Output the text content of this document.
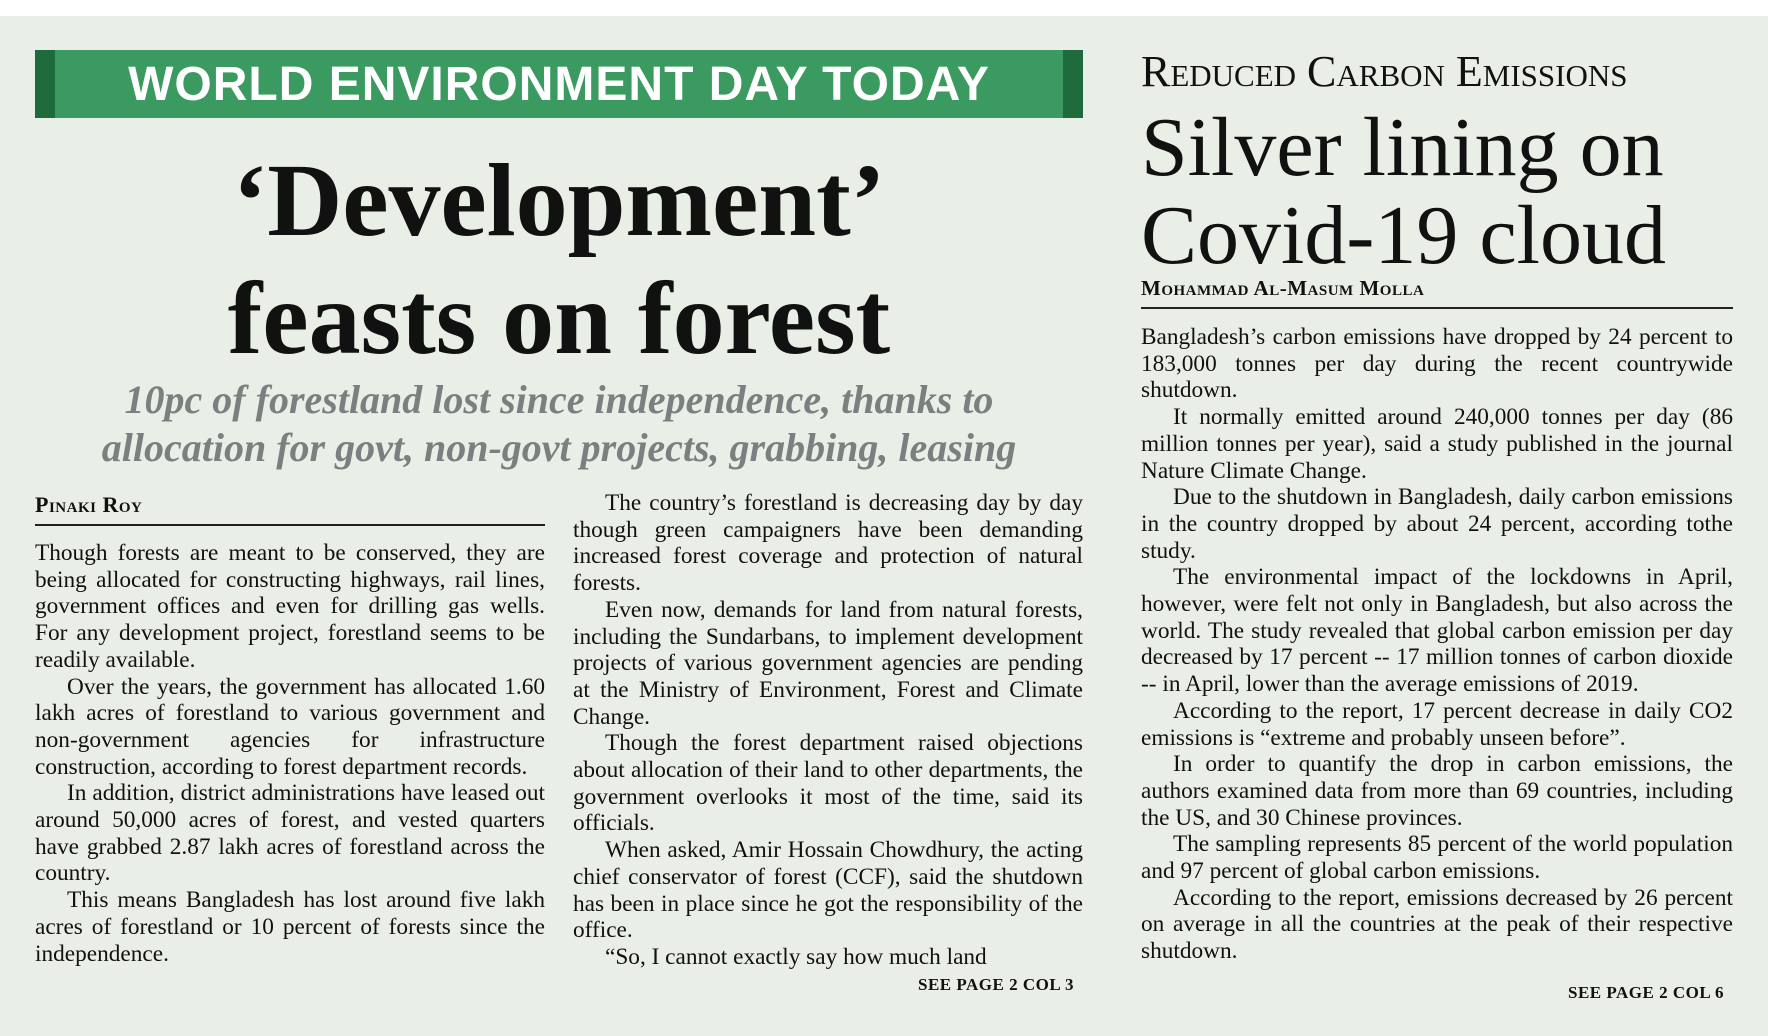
WORLD ENVIRONMENT DAY TODAY
‘Development’
feasts on forest
10pc of forestland lost since independence, thanks to
allocation for govt, non-govt projects, grabbing, leasing
Pinaki Roy

Though forests are meant to be conserved, they are being allocated for constructing highways, rail lines, government offices and even for drilling gas wells. For any development project, forestland seems to be readily available.

Over the years, the government has allocated 1.60 lakh acres of forestland to various government and non-government agencies for infrastructure construction, according to forest department records.

In addition, district administrations have leased out around 50,000 acres of forest, and vested quarters have grabbed 2.87 lakh acres of forestland across the country.

This means Bangladesh has lost around five lakh acres of forestland or 10 percent of forests since the independence.

The country’s forestland is decreasing day by day though green campaigners have been demanding increased forest coverage and protection of natural forests.

Even now, demands for land from natural forests, including the Sundarbans, to implement development projects of various government agencies are pending at the Ministry of Environment, Forest and Climate Change.

Though the forest department raised objections about allocation of their land to other departments, the government overlooks it most of the time, said its officials.

When asked, Amir Hossain Chowdhury, the acting chief conservator of forest (CCF), said the shutdown has been in place since he got the responsibility of the office.

“So, I cannot exactly say how much land

SEE PAGE 2 COL 3
Reduced Carbon Emissions
Silver lining on
Covid-19 cloud
Mohammad Al-Masum Molla

Bangladesh’s carbon emissions have dropped by 24 percent to 183,000 tonnes per day during the recent countrywide shutdown.

It normally emitted around 240,000 tonnes per day (86 million tonnes per year), said a study published in the journal Nature Climate Change.

Due to the shutdown in Bangladesh, daily carbon emissions in the country dropped by about 24 percent, according tothe study.

The environmental impact of the lockdowns in April, however, were felt not only in Bangladesh, but also across the world. The study revealed that global carbon emission per day decreased by 17 percent -- 17 million tonnes of carbon dioxide -- in April, lower than the average emissions of 2019.

According to the report, 17 percent decrease in daily CO2 emissions is “extreme and probably unseen before”.

In order to quantify the drop in carbon emissions, the authors examined data from more than 69 countries, including the US, and 30 Chinese provinces.

The sampling represents 85 percent of the world population and 97 percent of global carbon emissions.

According to the report, emissions decreased by 26 percent on average in all the countries at the peak of their respective shutdown.

SEE PAGE 2 COL 6
